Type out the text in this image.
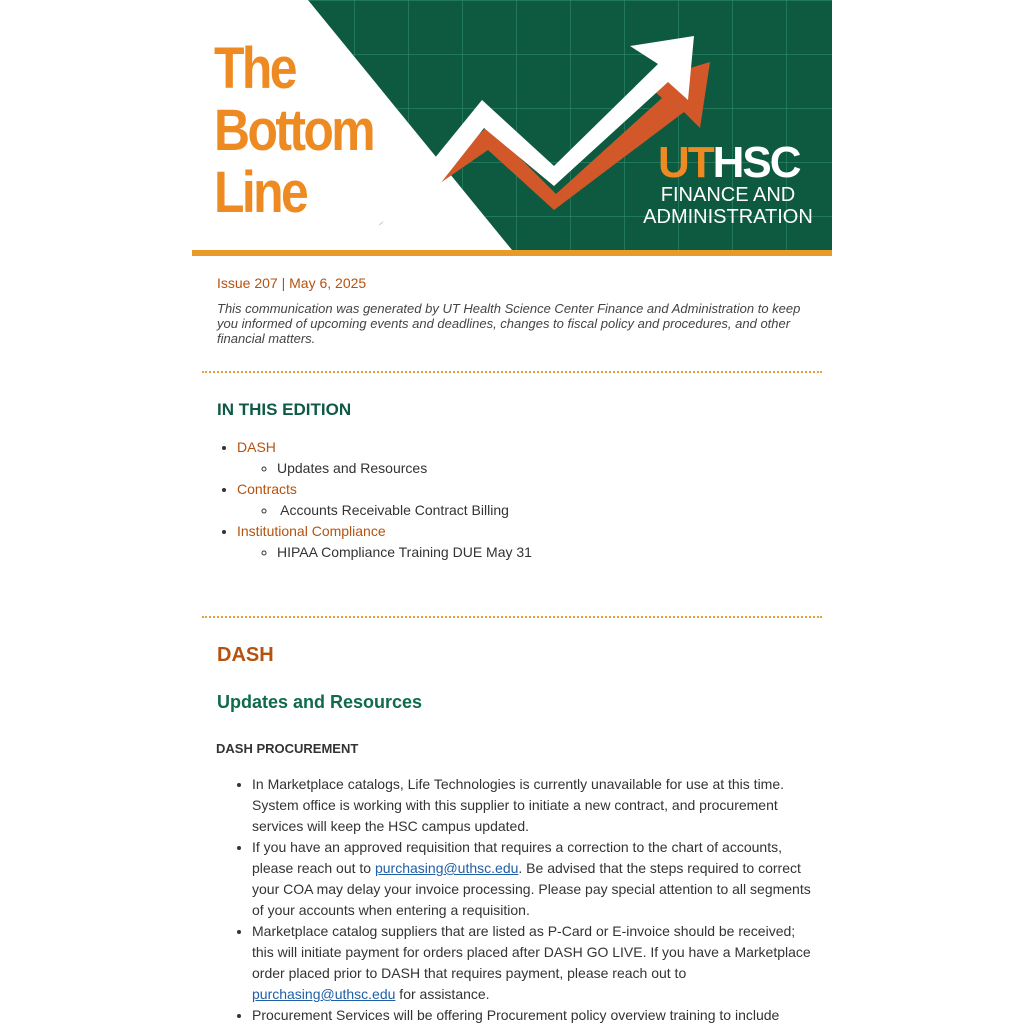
The
Bottom
Line	UTHSC
FINANCE AND
ADMINISTRATION
Issue 207 | May 6, 2025
This communication was generated by UT Health Science Center Finance and Administration to keep you informed of upcoming events and deadlines, changes to fiscal policy and procedures, and other financial matters.
IN THIS EDITION
• DASH
◦ Updates and Resources
• Contracts
◦  Accounts Receivable Contract Billing
• Institutional Compliance
◦ HIPAA Compliance Training DUE May 31
DASH
Updates and Resources
DASH PROCUREMENT
• In Marketplace catalogs, Life Technologies is currently unavailable for use at this time. System office is working with this supplier to initiate a new contract, and procurement services will keep the HSC campus updated.
• If you have an approved requisition that requires a correction to the chart of accounts, please reach out to purchasing@uthsc.edu. Be advised that the steps required to correct your COA may delay your invoice processing. Please pay special attention to all segments of your accounts when entering a requisition.
• Marketplace catalog suppliers that are listed as P-Card or E-invoice should be received; this will initiate payment for orders placed after DASH GO LIVE. If you have a Marketplace order placed prior to DASH that requires payment, please reach out to purchasing@uthsc.edu for assistance.
• Procurement Services will be offering Procurement policy overview training to include
